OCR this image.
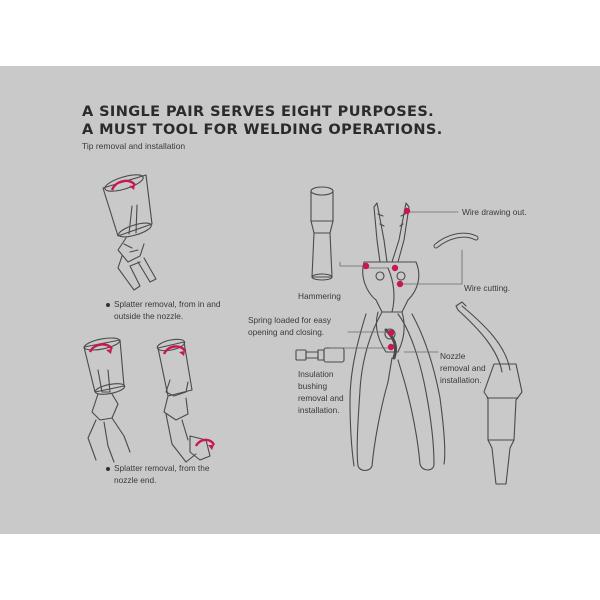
A SINGLE PAIR SERVES EIGHT PURPOSES.
A MUST TOOL FOR WELDING OPERATIONS.
Tip removal and installation
Splatter removal, from in and
outside the nozzle.
Splatter removal, from the
nozzle end.
Wire drawing out.
Hammering
Wire cutting.
Spring loaded for easy
opening and closing.
Nozzle
removal and
installation.
Insulation
bushing
removal and
installation.
